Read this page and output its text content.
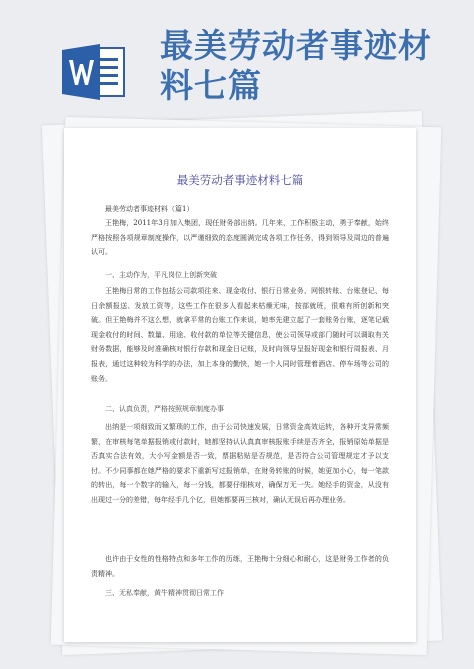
最美劳动者事迹材料七篇
最美劳动者事迹材料七篇

最美劳动者事迹材料（篇1）

王艳梅，2011年3月加入集团，现任财务部出纳。几年来，工作积极主动，勇于奉献，始终严格按照各项规章制度操作，以严谨细致的态度圆满完成各项工作任务，得到领导及周边的普遍认可。

一、主动作为，平凡岗位上创新突破

王艳梅日常的工作包括公司款项往来、现金收付、银行日常业务、网银转账、台账登记、每日余额报送、发放工资等，这些工作在很多人看起来枯燥无味，按部就班，很难有所创新和突破。但王艳梅并不这么想，就拿平常的台账工作来说，她率先建立起了一套账务台账，逐笔记载现金收付的时间、数量、用途、收付款的单位等关键信息，使公司领导或部门随时可以调取有关财务数据，能够及时准确核对银行存款和现金日记账，及时向领导呈报好现金和银行周报表、月报表，通过这种较为科学的办法，加上本身的勤快，她一个人同时管理着酒店、停车场等公司的账务。

二、认真负责，严格按照规章制度办事

出纳是一项细致而又繁琐的工作，由于公司快速发展，日常资金高效运转，各种开支异常频繁，在审核每笔单据报销或付款时，她都坚持认认真真审核报账手续是否齐全，报销原始单据是否真实合法有效，大小写金额是否一致，票据粘贴是否规范，是否符合公司管理规定才予以支付。不少同事都在她严格的要求下重新写过报销单，在财务转账的时候，她更加小心，每一笔款的转出，每一个数字的输入，每一分钱，都要仔细核对，确保万无一失。她经手的资金，从没有出现过一分的差错，每年经手几个亿，但她都要再三核对，确认无误后再办理业务。

也许由于女性的性格特点和多年工作的历练，王艳梅十分细心和耐心，这是财务工作者的负责精神。

三、无私奉献，黄牛精神贯彻日常工作
